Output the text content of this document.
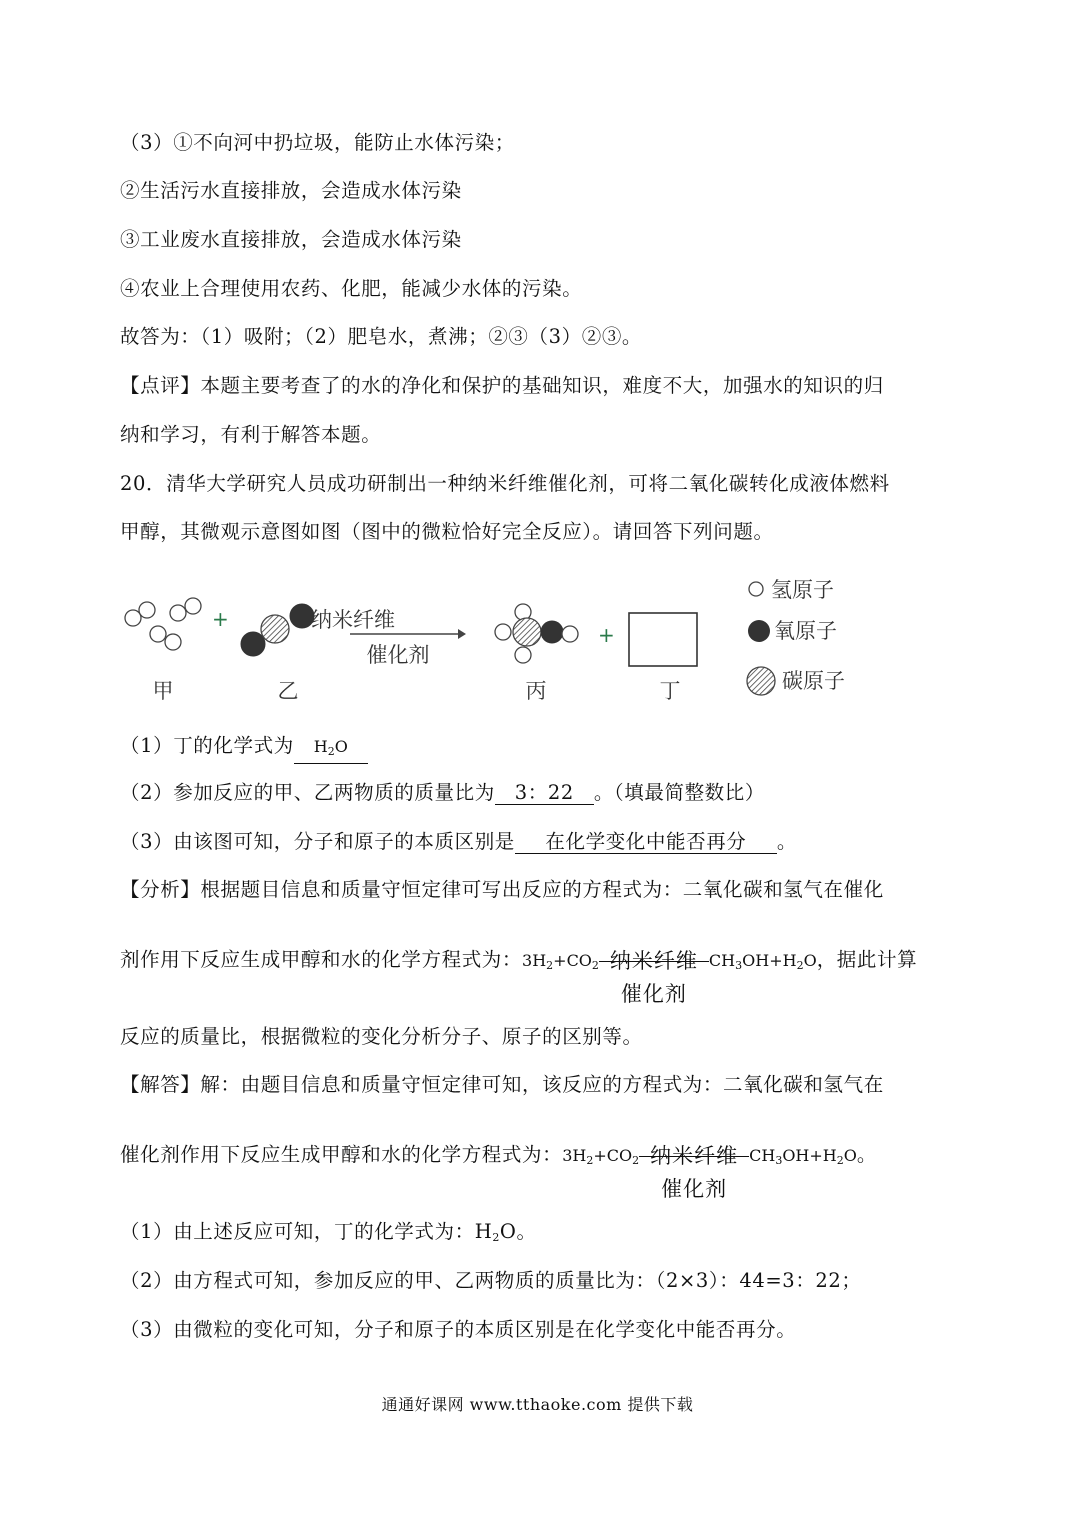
（3）①不向河中扔垃圾，能防止水体污染；
②生活污水直接排放，会造成水体污染
③工业废水直接排放，会造成水体污染
④农业上合理使用农药、化肥，能减少水体的污染。
故答为：（1）吸附；（2）肥皂水，煮沸；②③（3）②③。
【点评】本题主要考查了的水的净化和保护的基础知识，难度不大，加强水的知识的归
纳和学习，有利于解答本题。
20．清华大学研究人员成功研制出一种纳米纤维催化剂，可将二氧化碳转化成液体燃料
甲醇，其微观示意图如图（图中的微粒恰好完全反应）。请回答下列问题。
+	纳米纤维
催化剂
+
甲	乙	丙	丁
氢原子
氧原子
碳原子
（1）丁的化学式为 $H_2O$
（2）参加反应的甲、乙两物质的质量比为 3：22 。（填最简整数比）
（3）由该图可知，分子和原子的本质区别是 在化学变化中能否再分 。
【分析】根据题目信息和质量守恒定律可写出反应的方程式为：二氧化碳和氢气在催化
剂作用下反应生成甲醇和水的化学方程式为：$3H_2+CO_2$ 纳米纤维
催化剂
$CH_3OH+H_2O$，据此计算
反应的质量比，根据微粒的变化分析分子、原子的区别等。
【解答】解：由题目信息和质量守恒定律可知，该反应的方程式为：二氧化碳和氢气在
催化剂作用下反应生成甲醇和水的化学方程式为：$3H_2+CO_2$ 纳米纤维
催化剂
$CH_3OH+H_2O$。
（1）由上述反应可知，丁的化学式为：$H_2O$。
（2）由方程式可知，参加反应的甲、乙两物质的质量比为：（2×3）：44=3：22；
（3）由微粒的变化可知，分子和原子的本质区别是在化学变化中能否再分。
通通好课网 www.tthaoke.com 提供下载
